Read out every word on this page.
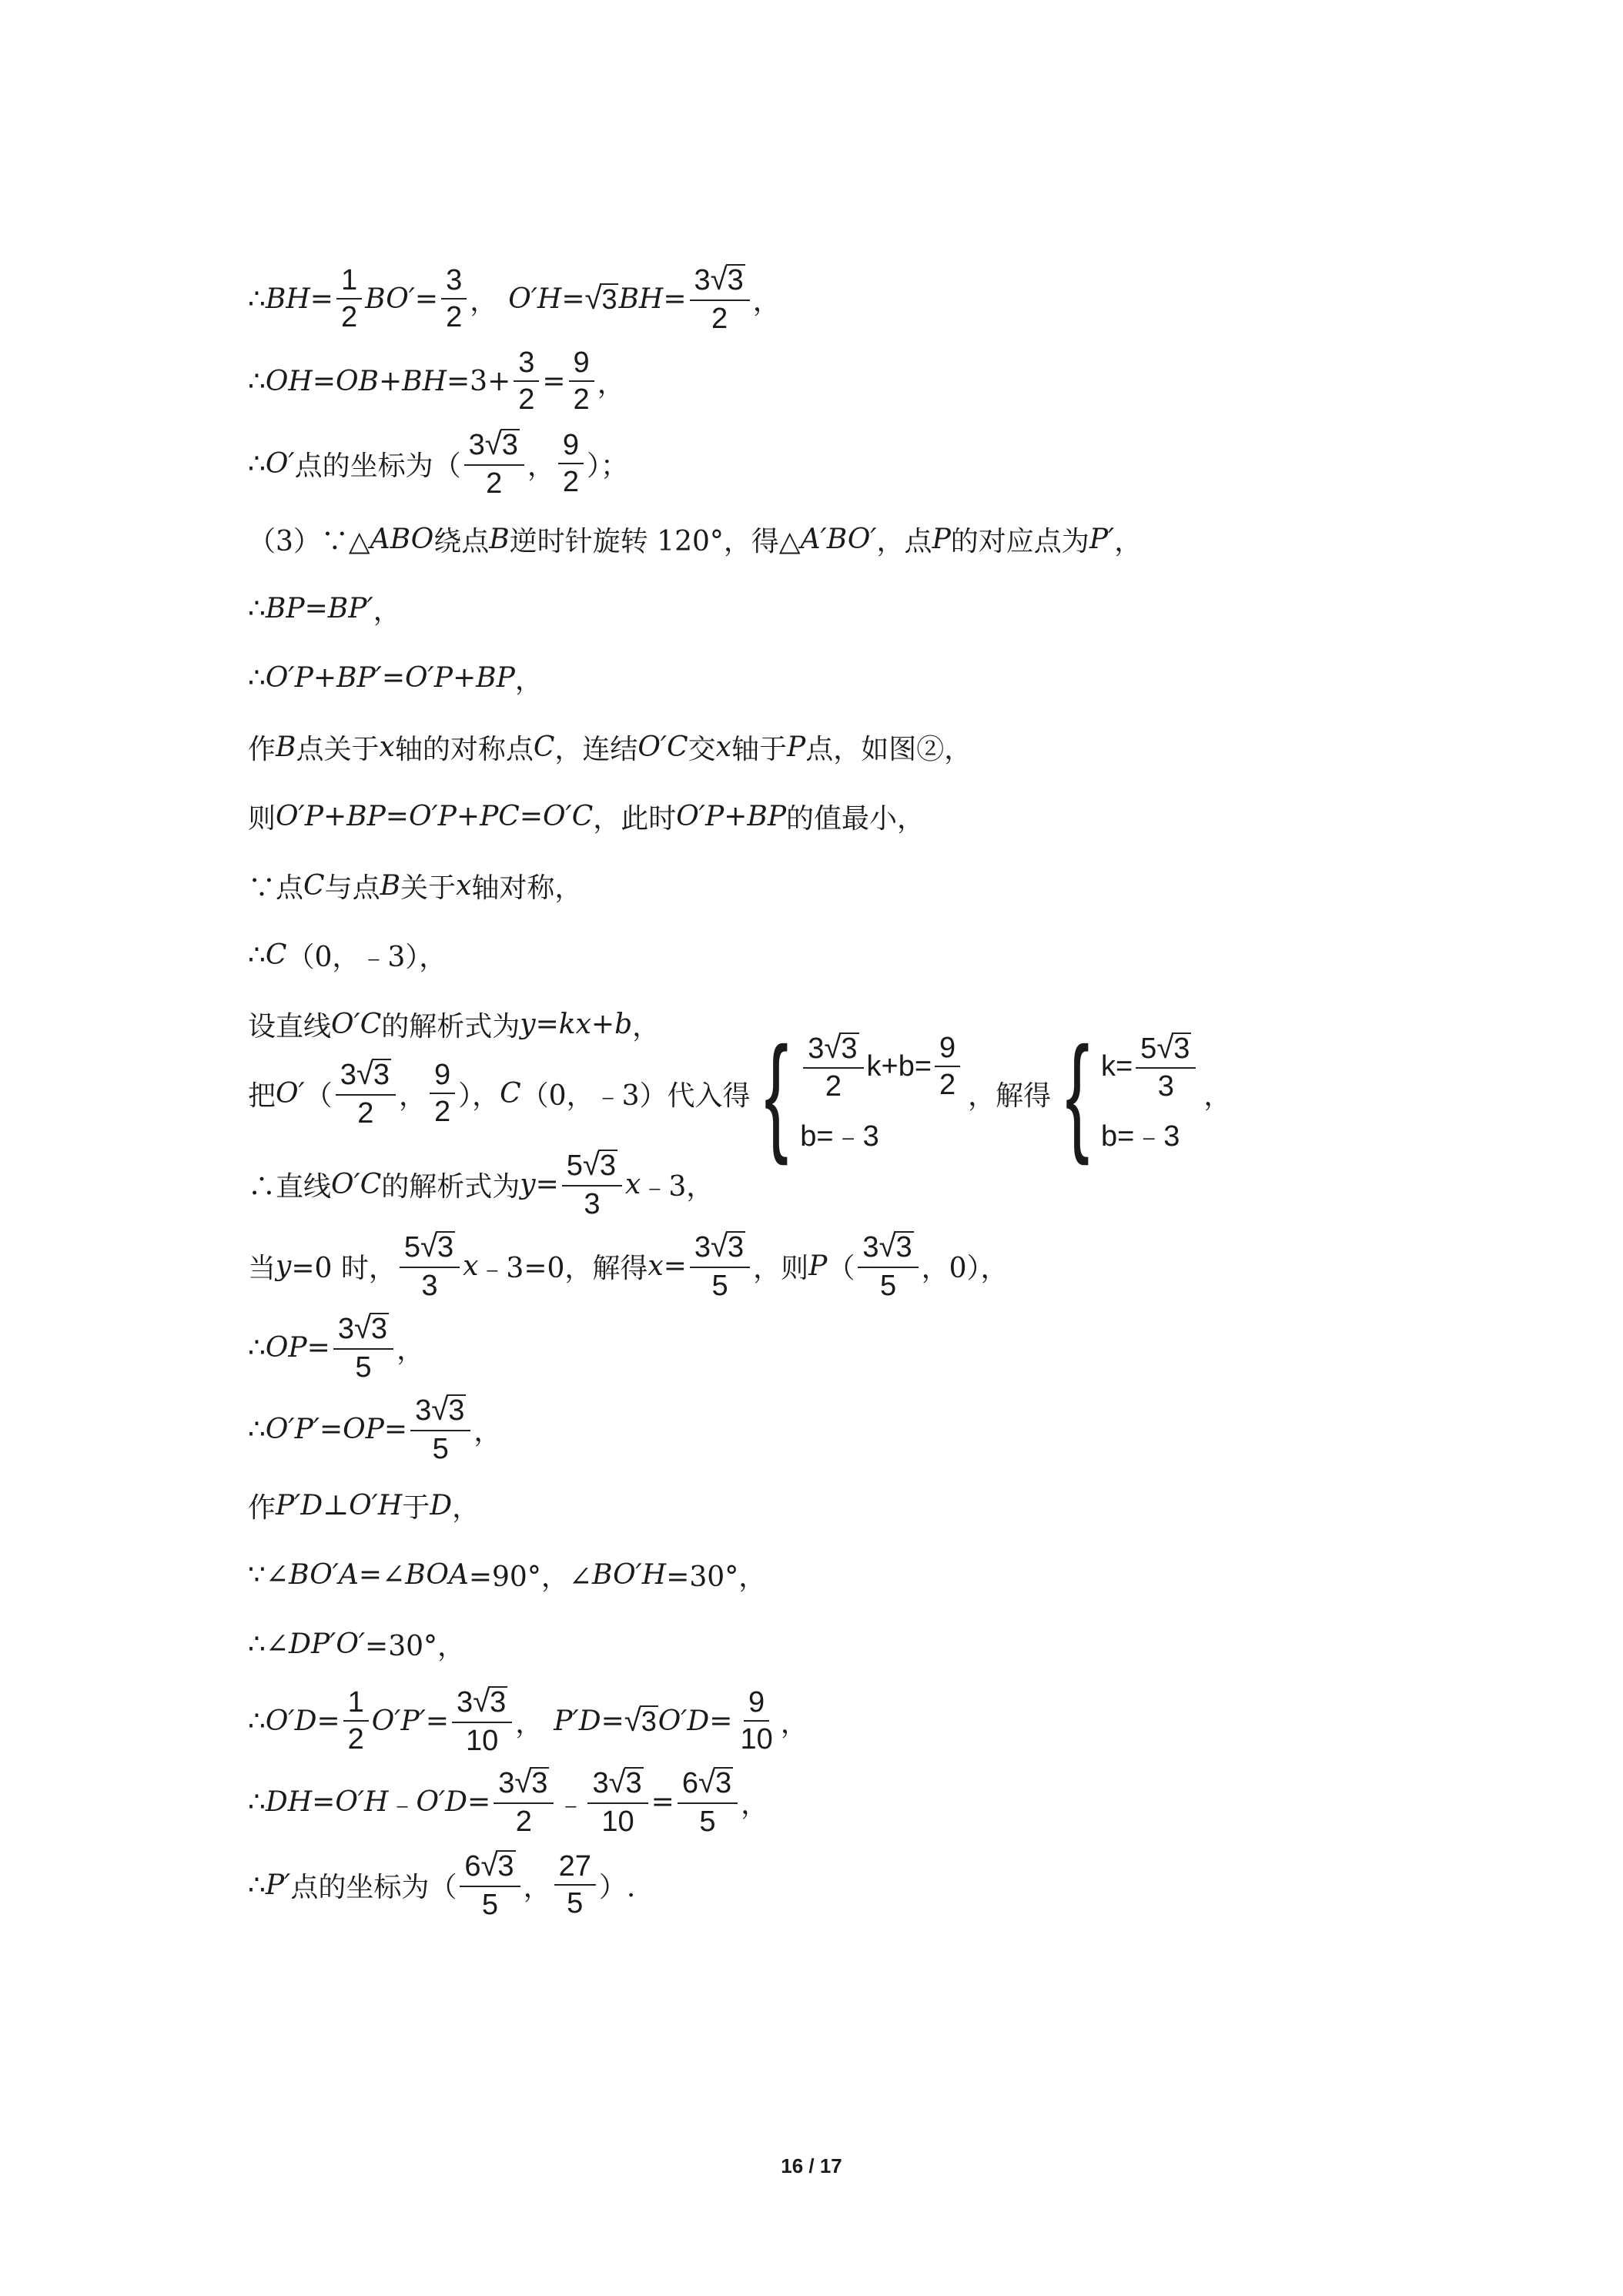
∴ BH = $\frac{1}{2} BO' = \frac{3}{2}$ ， O′H = √ 3 BH = $\frac{3 √ 3}{2}$ ，
∴ OH = OB + BH $=3+ \frac{3}{2} = \frac{9}{2}$ ，
∴ O′ 点的坐标为（ $\frac{3 √ 3}{2}$ ， $\frac{9}{2}$ ）；
（3）∵△ ABO 绕点 B 逆时针旋转 120°，得△ A′BO′ ，点 P 的对应点为 P′ ，
∴ BP = BP′ ，
∴ O′P + BP′ = O′P + BP ，
作 B 点关于 x 轴的对称点 C ，连结 O′C 交 x 轴于 P 点，如图②，
则 O′P + BP = O′P + PC = O′C ，此时 O′P + BP 的值最小，
∵点 C 与点 B 关于 x 轴对称，
∴ C （0，﹣3），
设直线 O′C 的解析式为 y = kx + b ，
把 O′ （ $\frac{3 √ 3}{2}$ ， $\frac{9}{2}$ ）， C （0，﹣3）代入得 { $\frac{3 √ 3}{2} k+b= \frac{9}{2}$
b=﹣3
，解得 { $k= \frac{5 √ 3}{3}$
b=﹣3
，
∴直线 O′C 的解析式为 $y = \frac{5 √ 3}{3}$ x ﹣3，
当 y =0 时， $\frac{5 √ 3}{3}$ x ﹣3=0，解得 $x = \frac{3 √ 3}{5}$ ，则 P （ $\frac{3 √ 3}{5}$ ，0），
∴ OP = $\frac{3 √ 3}{5}$ ，
∴ O′P′ = OP = $\frac{3 √ 3}{5}$ ，
作 P′D ⊥ O′H 于 D ，
∵∠ BO′A =∠ BOA =90°，∠ BO′H =30°，
∴∠ DP′O′ =30°，
∴ $O'D = \frac{1}{2} O'P' = \frac{3 √ 3}{10}$ ， P′D = √ 3 $O'D = \frac{9}{10}$ ，
∴ DH = O′H ﹣ $O'D = \frac{3 √ 3}{2}$ ﹣ $\frac{3 √ 3}{10} = \frac{6 √ 3}{5}$ ，
∴ P′ 点的坐标为（ $\frac{6 √ 3}{5}$ ， $\frac{27}{5}$ ）.
16 / 17
